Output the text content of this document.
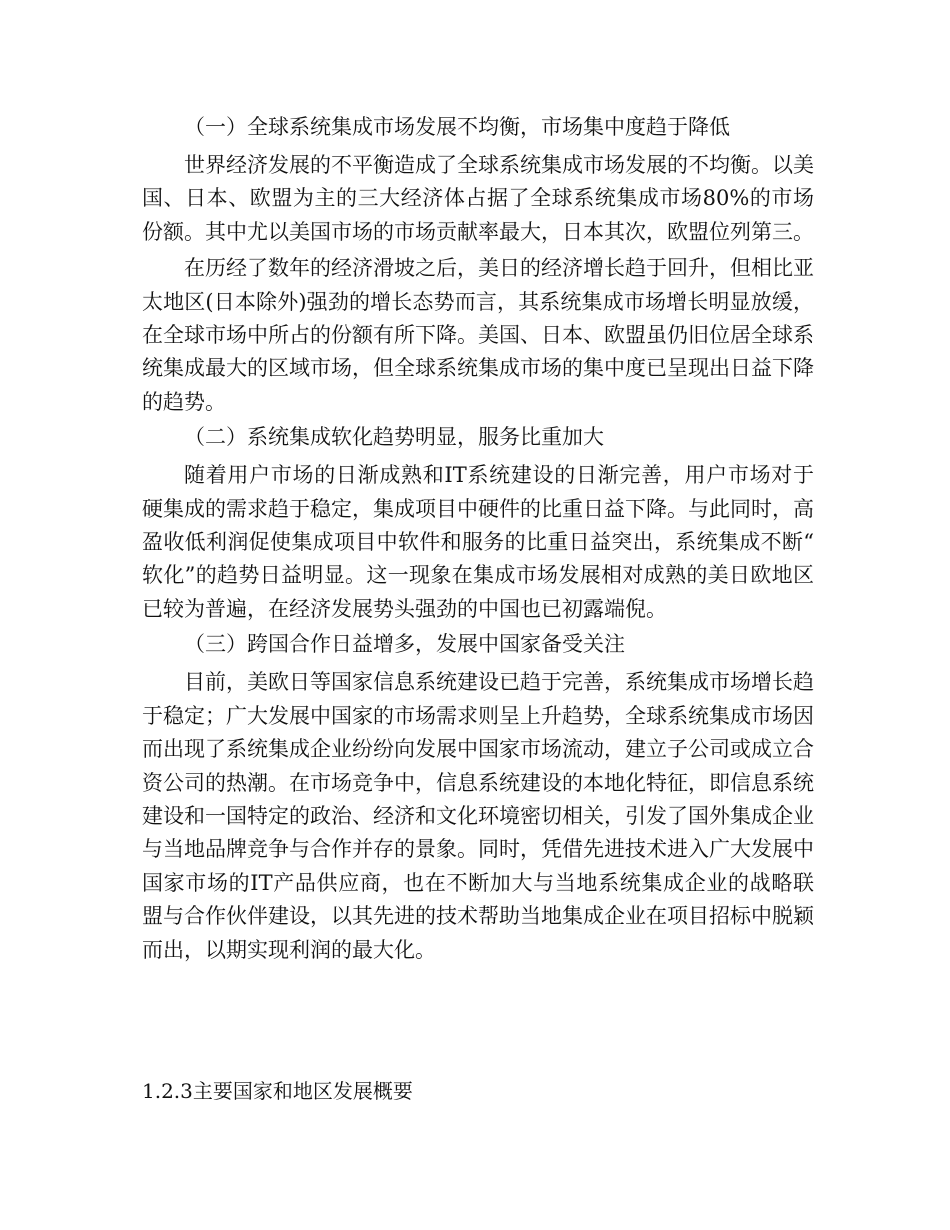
（一）全球系统集成市场发展不均衡，市场集中度趋于降低

世界经济发展的不平衡造成了全球系统集成市场发展的不均衡。以美国、日本、欧盟为主的三大经济体占据了全球系统集成市场80%的市场份额。其中尤以美国市场的市场贡献率最大，日本其次，欧盟位列第三。

在历经了数年的经济滑坡之后，美日的经济增长趋于回升，但相比亚太地区(日本除外)强劲的增长态势而言，其系统集成市场增长明显放缓，在全球市场中所占的份额有所下降。美国、日本、欧盟虽仍旧位居全球系统集成最大的区域市场，但全球系统集成市场的集中度已呈现出日益下降的趋势。

（二）系统集成软化趋势明显，服务比重加大

随着用户市场的日渐成熟和IT系统建设的日渐完善，用户市场对于硬集成的需求趋于稳定，集成项目中硬件的比重日益下降。与此同时，高盈收低利润促使集成项目中软件和服务的比重日益突出，系统集成不断“软化”的趋势日益明显。这一现象在集成市场发展相对成熟的美日欧地区已较为普遍，在经济发展势头强劲的中国也已初露端倪。

（三）跨国合作日益增多，发展中国家备受关注

目前，美欧日等国家信息系统建设已趋于完善，系统集成市场增长趋于稳定；广大发展中国家的市场需求则呈上升趋势，全球系统集成市场因而出现了系统集成企业纷纷向发展中国家市场流动，建立子公司或成立合资公司的热潮。在市场竞争中，信息系统建设的本地化特征，即信息系统建设和一国特定的政治、经济和文化环境密切相关，引发了国外集成企业与当地品牌竞争与合作并存的景象。同时，凭借先进技术进入广大发展中国家市场的IT产品供应商，也在不断加大与当地系统集成企业的战略联盟与合作伙伴建设，以其先进的技术帮助当地集成企业在项目招标中脱颖而出，以期实现利润的最大化。

1.2.3主要国家和地区发展概要
